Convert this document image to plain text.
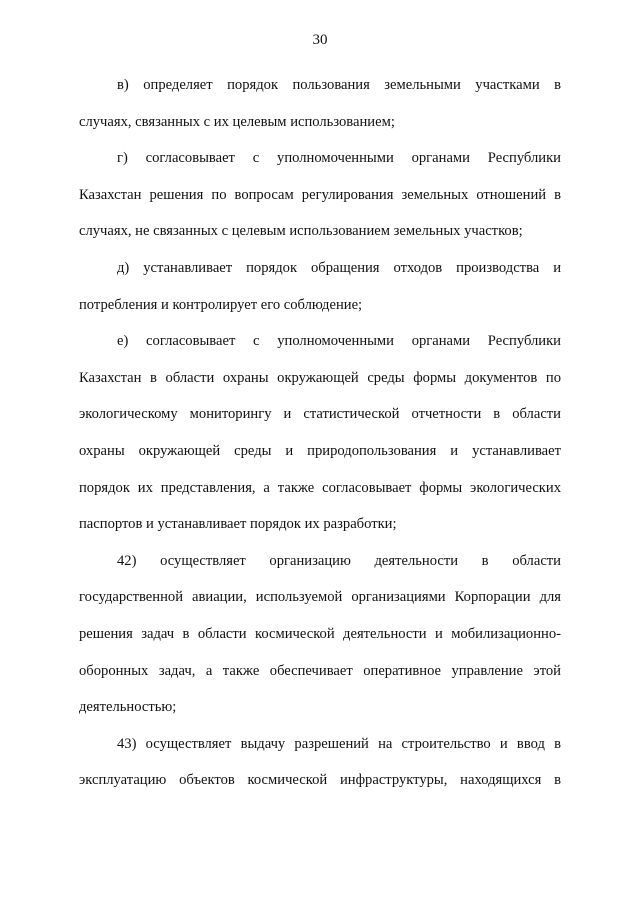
30
в) определяет порядок пользования земельными участками в
случаях, связанных с их целевым использованием;
г) согласовывает с уполномоченными органами Республики
Казахстан решения по вопросам регулирования земельных отношений в
случаях, не связанных с целевым использованием земельных участков;
д) устанавливает порядок обращения отходов производства и
потребления и контролирует его соблюдение;
е) согласовывает с уполномоченными органами Республики
Казахстан в области охраны окружающей среды формы документов по
экологическому мониторингу и статистической отчетности в области
охраны окружающей среды и природопользования и устанавливает
порядок их представления, а также согласовывает формы экологических
паспортов и устанавливает порядок их разработки;
42) осуществляет организацию деятельности в области
государственной авиации, используемой организациями Корпорации для
решения задач в области космической деятельности и мобилизационно-
оборонных задач, а также обеспечивает оперативное управление этой
деятельностью;
43) осуществляет выдачу разрешений на строительство и ввод в
эксплуатацию объектов космической инфраструктуры, находящихся в
